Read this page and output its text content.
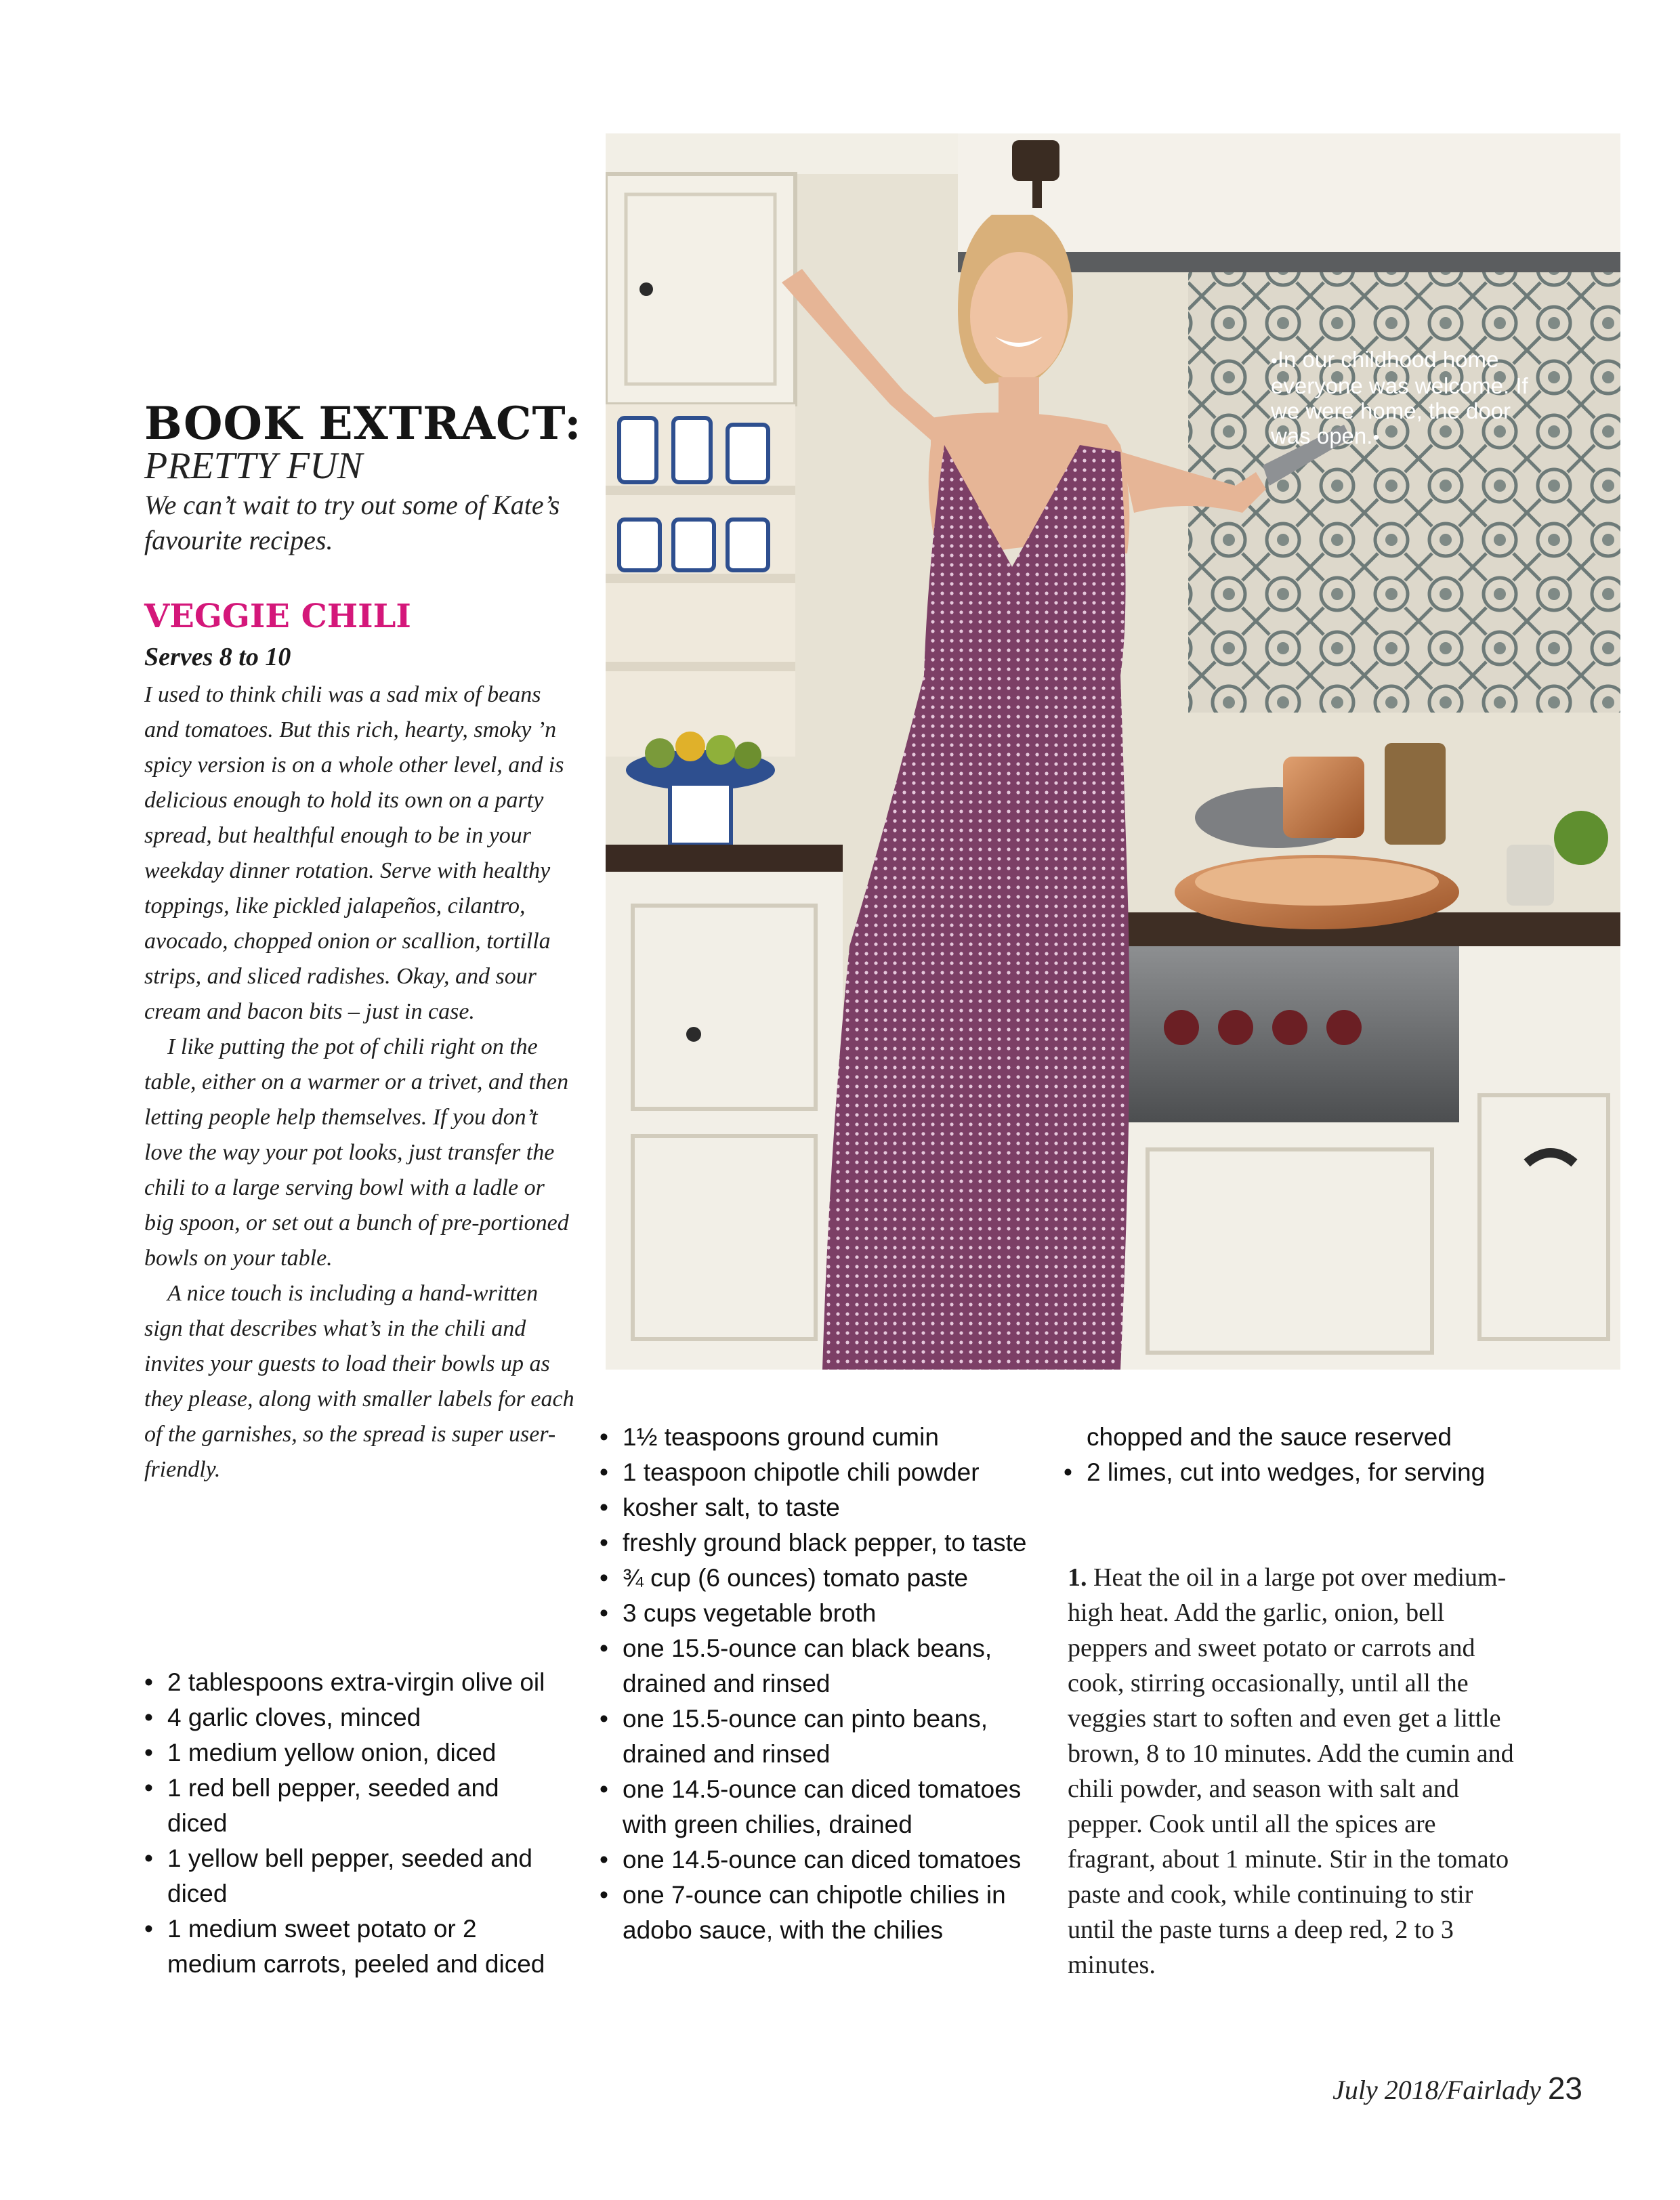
BOOK EXTRACT:
PRETTY FUN
We can’t wait to try out some of Kate’s favourite recipes.
VEGGIE CHILI
Serves 8 to 10

I used to think chili was a sad mix of beans and tomatoes. But this rich, hearty, smoky ’n spicy version is on a whole other level, and is delicious enough to hold its own on a party spread, but healthful enough to be in your weekday dinner rotation. Serve with healthy toppings, like pickled jalapeños, cilantro, avocado, chopped onion or scallion, tortilla strips, and sliced radishes. Okay, and sour cream and bacon bits – just in case.

I like putting the pot of chili right on the table, either on a warmer or a trivet, and then letting people help themselves. If you don’t love the way your pot looks, just transfer the chili to a large serving bowl with a ladle or big spoon, or set out a bunch of pre-portioned bowls on your table.

A nice touch is including a hand-written sign that describes what’s in the chili and invites your guests to load their bowls up as they please, along with smaller labels for each of the garnishes, so the spread is super user-friendly.

• 2 tablespoons extra-virgin olive oil
• 4 garlic cloves, minced
• 1 medium yellow onion, diced
• 1 red bell pepper, seeded and diced
• 1 yellow bell pepper, seeded and diced
• 1 medium sweet potato or 2 medium carrots, peeled and diced
•In our childhood home everyone was welcome. If we were home, the door was open.•
• 1½ teaspoons ground cumin
• 1 teaspoon chipotle chili powder
• kosher salt, to taste
• freshly ground black pepper, to taste
• ¾ cup (6 ounces) tomato paste
• 3 cups vegetable broth
• one 15.5-ounce can black beans, drained and rinsed
• one 15.5-ounce can pinto beans, drained and rinsed
• one 14.5-ounce can diced tomatoes with green chilies, drained
• one 14.5-ounce can diced tomatoes
• one 7-ounce can chipotle chilies in adobo sauce, with the chilies
chopped and the sauce reserved
• 2 limes, cut into wedges, for serving

1. Heat the oil in a large pot over medium-high heat. Add the garlic, onion, bell peppers and sweet potato or carrots and cook, stirring occasionally, until all the veggies start to soften and even get a little brown, 8 to 10 minutes. Add the cumin and chili powder, and season with salt and pepper. Cook until all the spices are fragrant, about 1 minute. Stir in the tomato paste and cook, while continuing to stir until the paste turns a deep red, 2 to 3 minutes.

July 2018/Fairlady 23
